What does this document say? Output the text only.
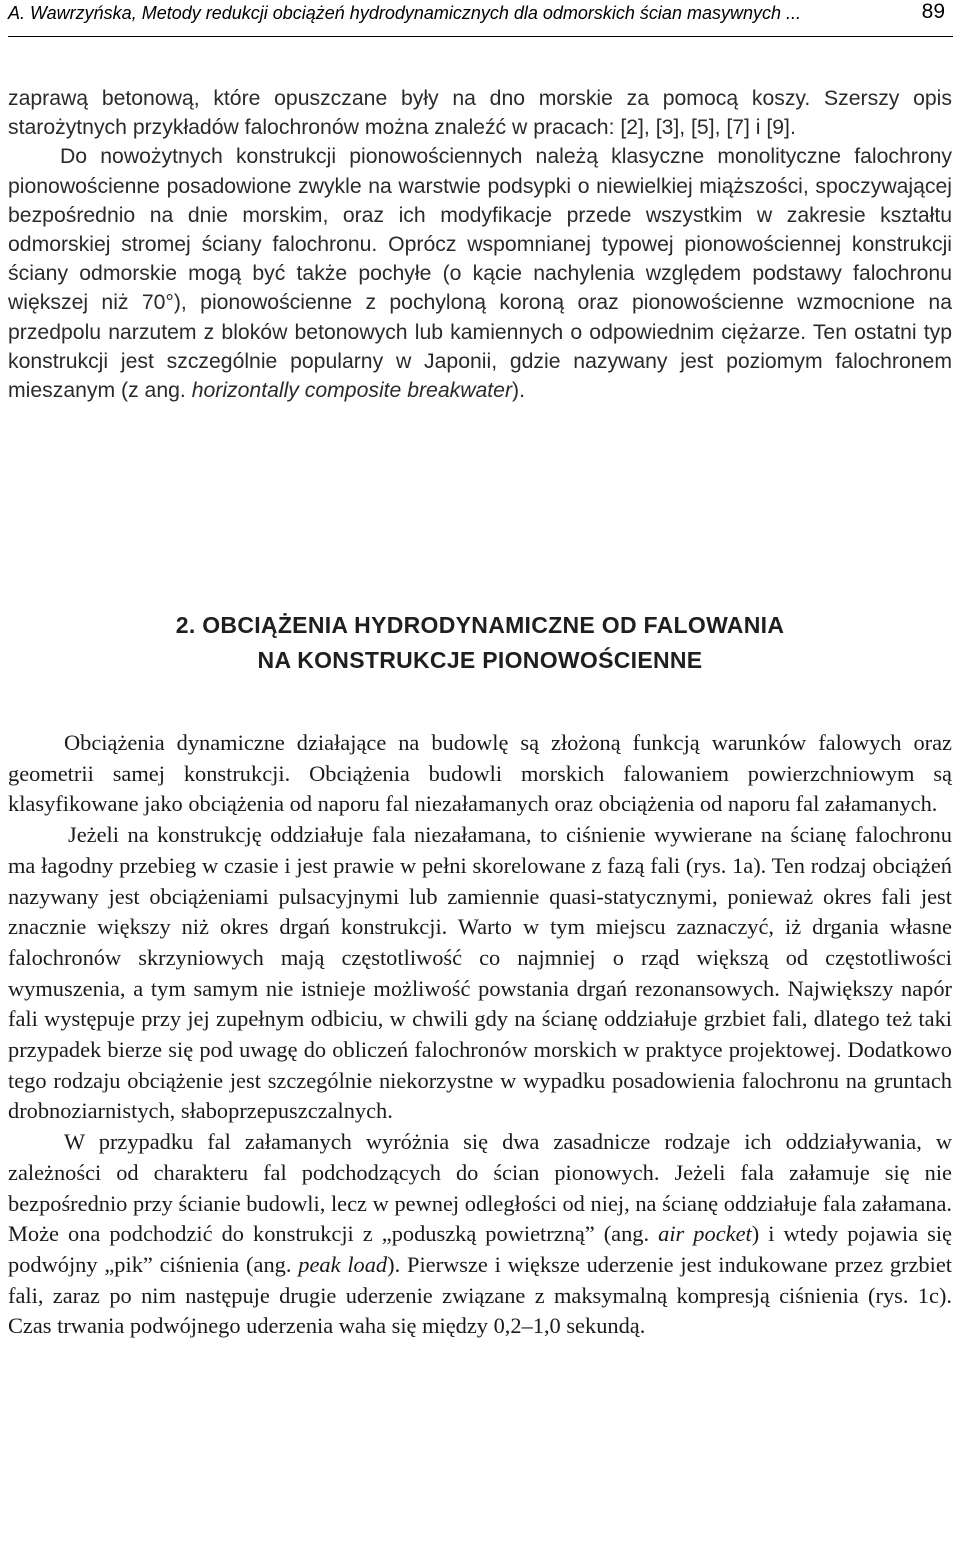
A. Wawrzyńska, Metody redukcji obciążeń hydrodynamicznych dla odmorskich ścian masywnych ...	89

zaprawą betonową, które opuszczane były na dno morskie za pomocą koszy. Szerszy opis starożytnych przykładów falochronów można znaleźć w pracach: [2], [3], [5], [7] i [9].

Do nowożytnych konstrukcji pionowościennych należą klasyczne monolityczne falochrony pionowościenne posadowione zwykle na warstwie podsypki o niewielkiej miąższości, spoczywającej bezpośrednio na dnie morskim, oraz ich modyfikacje przede wszystkim w zakresie kształtu odmorskiej stromej ściany falochronu. Oprócz wspomnianej typowej pionowościennej konstrukcji ściany odmorskie mogą być także pochyłe (o kącie nachylenia względem podstawy falochronu większej niż 70°), pionowościenne z pochyloną koroną oraz pionowościenne wzmocnione na przedpolu narzutem z bloków betonowych lub kamiennych o odpowiednim ciężarze. Ten ostatni typ konstrukcji jest szczególnie popularny w Japonii, gdzie nazywany jest poziomym falochronem mieszanym (z ang. horizontally composite breakwater).

2. OBCIĄŻENIA HYDRODYNAMICZNE OD FALOWANIA
NA KONSTRUKCJE PIONOWOŚCIENNE

Obciążenia dynamiczne działające na budowlę są złożoną funkcją warunków falowych oraz geometrii samej konstrukcji. Obciążenia budowli morskich falowaniem powierzchniowym są klasyfikowane jako obciążenia od naporu fal niezałamanych oraz obciążenia od naporu fal załamanych.

Jeżeli na konstrukcję oddziałuje fala niezałamana, to ciśnienie wywierane na ścianę falochronu ma łagodny przebieg w czasie i jest prawie w pełni skorelowane z fazą fali (rys. 1a). Ten rodzaj obciążeń nazywany jest obciążeniami pulsacyjnymi lub zamiennie quasi-statycznymi, ponieważ okres fali jest znacznie większy niż okres drgań konstrukcji. Warto w tym miejscu zaznaczyć, iż drgania własne falochronów skrzyniowych mają częstotliwość co najmniej o rząd większą od częstotliwości wymuszenia, a tym samym nie istnieje możliwość powstania drgań rezonansowych. Największy napór fali występuje przy jej zupełnym odbiciu, w chwili gdy na ścianę oddziałuje grzbiet fali, dlatego też taki przypadek bierze się pod uwagę do obliczeń falochronów morskich w praktyce projektowej. Dodatkowo tego rodzaju obciążenie jest szczególnie niekorzystne w wypadku posadowienia falochronu na gruntach drobnoziarnistych, słaboprzepuszczalnych.

W przypadku fal załamanych wyróżnia się dwa zasadnicze rodzaje ich oddziaływania, w zależności od charakteru fal podchodzących do ścian pionowych. Jeżeli fala załamuje się nie bezpośrednio przy ścianie budowli, lecz w pewnej odległości od niej, na ścianę oddziałuje fala załamana. Może ona podchodzić do konstrukcji z „poduszką powietrzną” (ang. air pocket) i wtedy pojawia się podwójny „pik” ciśnienia (ang. peak load). Pierwsze i większe uderzenie jest indukowane przez grzbiet fali, zaraz po nim następuje drugie uderzenie związane z maksymalną kompresją ciśnienia (rys. 1c). Czas trwania podwójnego uderzenia waha się między 0,2–1,0 sekundą.
